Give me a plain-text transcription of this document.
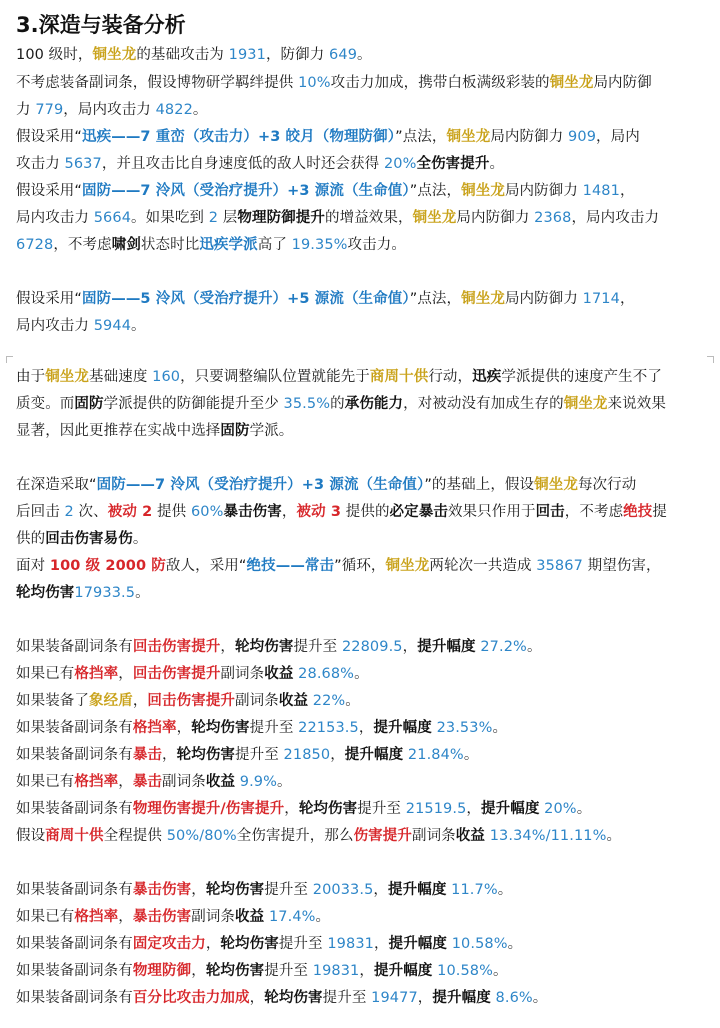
3.深造与装备分析
100 级时，铜坐龙的基础攻击为 1931，防御力 649。
不考虑装备副词条，假设博物研学羁绊提供 10%攻击力加成，携带白板满级彩装的铜坐龙局内防御
力 779，局内攻击力 4822。
假设采用“迅疾——7 重峦（攻击力）+3 皎月（物理防御）”点法，铜坐龙局内防御力 909，局内
攻击力 5637，并且攻击比自身速度低的敌人时还会获得 20%全伤害提升。
假设采用“固防——7 泠风（受治疗提升）+3 源流（生命值）”点法，铜坐龙局内防御力 1481，
局内攻击力 5664。如果吃到 2 层物理防御提升的增益效果，铜坐龙局内防御力 2368，局内攻击力
6728，不考虑啸剑状态时比迅疾学派高了 19.35%攻击力。
假设采用“固防——5 泠风（受治疗提升）+5 源流（生命值）”点法，铜坐龙局内防御力 1714，
局内攻击力 5944。
由于铜坐龙基础速度 160，只要调整编队位置就能先于商周十供行动，迅疾学派提供的速度产生不了
质变。而固防学派提供的防御能提升至少 35.5%的承伤能力，对被动没有加成生存的铜坐龙来说效果
显著，因此更推荐在实战中选择固防学派。
在深造采取“固防——7 泠风（受治疗提升）+3 源流（生命值）”的基础上，假设铜坐龙每次行动
后回击 2 次、被动 2 提供 60%暴击伤害，被动 3 提供的必定暴击效果只作用于回击，不考虑绝技提
供的回击伤害易伤。
面对 100 级 2000 防敌人，采用“绝技——常击”循环，铜坐龙两轮次一共造成 35867 期望伤害，
轮均伤害17933.5。
如果装备副词条有回击伤害提升，轮均伤害提升至 22809.5，提升幅度 27.2%。
如果已有格挡率，回击伤害提升副词条收益 28.68%。
如果装备了象经盾，回击伤害提升副词条收益 22%。
如果装备副词条有格挡率，轮均伤害提升至 22153.5，提升幅度 23.53%。
如果装备副词条有暴击，轮均伤害提升至 21850，提升幅度 21.84%。
如果已有格挡率，暴击副词条收益 9.9%。
如果装备副词条有物理伤害提升/伤害提升，轮均伤害提升至 21519.5，提升幅度 20%。
假设商周十供全程提供 50%/80%全伤害提升，那么伤害提升副词条收益 13.34%/11.11%。
如果装备副词条有暴击伤害，轮均伤害提升至 20033.5，提升幅度 11.7%。
如果已有格挡率，暴击伤害副词条收益 17.4%。
如果装备副词条有固定攻击力，轮均伤害提升至 19831，提升幅度 10.58%。
如果装备副词条有物理防御，轮均伤害提升至 19831，提升幅度 10.58%。
如果装备副词条有百分比攻击力加成，轮均伤害提升至 19477，提升幅度 8.6%。
